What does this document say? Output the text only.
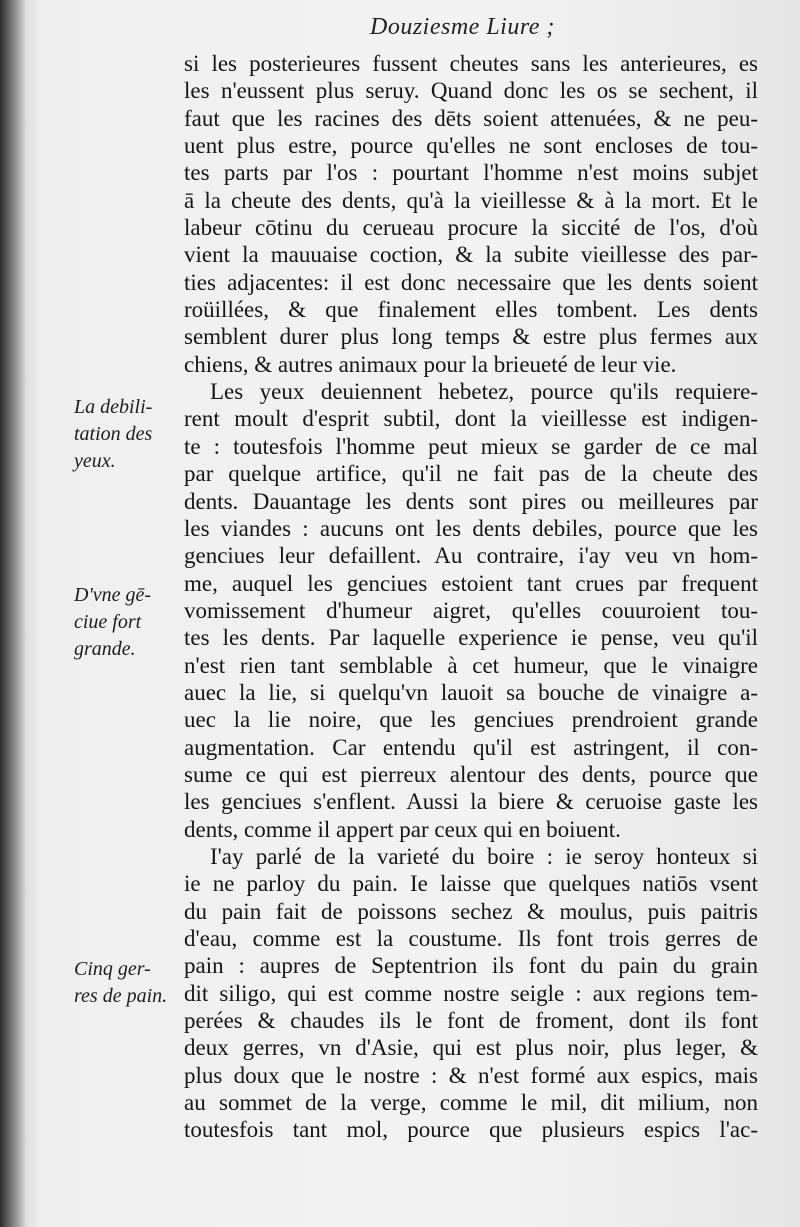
Douziesme Liure ;
La debili-
tation des
yeux.
D'vne gē-
ciue fort
grande.
Cinq ger-
res de pain.
si les posterieures fussent cheutes sans les anterieures, es
les n'eussent plus seruy. Quand donc les os se sechent, il
faut que les racines des dēts soient attenuées, & ne peu-
uent plus estre, pource qu'elles ne sont encloses de tou-
tes parts par l'os : pourtant l'homme n'est moins subjet
ā la cheute des dents, qu'à la vieillesse & à la mort. Et le
labeur cōtinu du cerueau procure la siccité de l'os, d'où
vient la mauuaise coction, & la subite vieillesse des par-
ties adjacentes: il est donc necessaire que les dents soient
roüillées, & que finalement elles tombent. Les dents
semblent durer plus long temps & estre plus fermes aux
chiens, & autres animaux pour la brieueté de leur vie.
Les yeux deuiennent hebetez, pource qu'ils requiere-
rent moult d'esprit subtil, dont la vieillesse est indigen-
te : toutesfois l'homme peut mieux se garder de ce mal
par quelque artifice, qu'il ne fait pas de la cheute des
dents. Dauantage les dents sont pires ou meilleures par
les viandes : aucuns ont les dents debiles, pource que les
genciues leur defaillent. Au contraire, i'ay veu vn hom-
me, auquel les genciues estoient tant crues par frequent
vomissement d'humeur aigret, qu'elles couuroient tou-
tes les dents. Par laquelle experience ie pense, veu qu'il
n'est rien tant semblable à cet humeur, que le vinaigre
auec la lie, si quelqu'vn lauoit sa bouche de vinaigre a-
uec la lie noire, que les genciues prendroient grande
augmentation. Car entendu qu'il est astringent, il con-
sume ce qui est pierreux alentour des dents, pource que
les genciues s'enflent. Aussi la biere & ceruoise gaste les
dents, comme il appert par ceux qui en boiuent.
I'ay parlé de la varieté du boire : ie seroy honteux si
ie ne parloy du pain. Ie laisse que quelques natiōs vsent
du pain fait de poissons sechez & moulus, puis paitris
d'eau, comme est la coustume. Ils font trois gerres de
pain : aupres de Septentrion ils font du pain du grain
dit siligo, qui est comme nostre seigle : aux regions tem-
perées & chaudes ils le font de froment, dont ils font
deux gerres, vn d'Asie, qui est plus noir, plus leger, &
plus doux que le nostre : & n'est formé aux espics, mais
au sommet de la verge, comme le mil, dit milium, non
toutesfois tant mol, pource que plusieurs espics l'ac-
